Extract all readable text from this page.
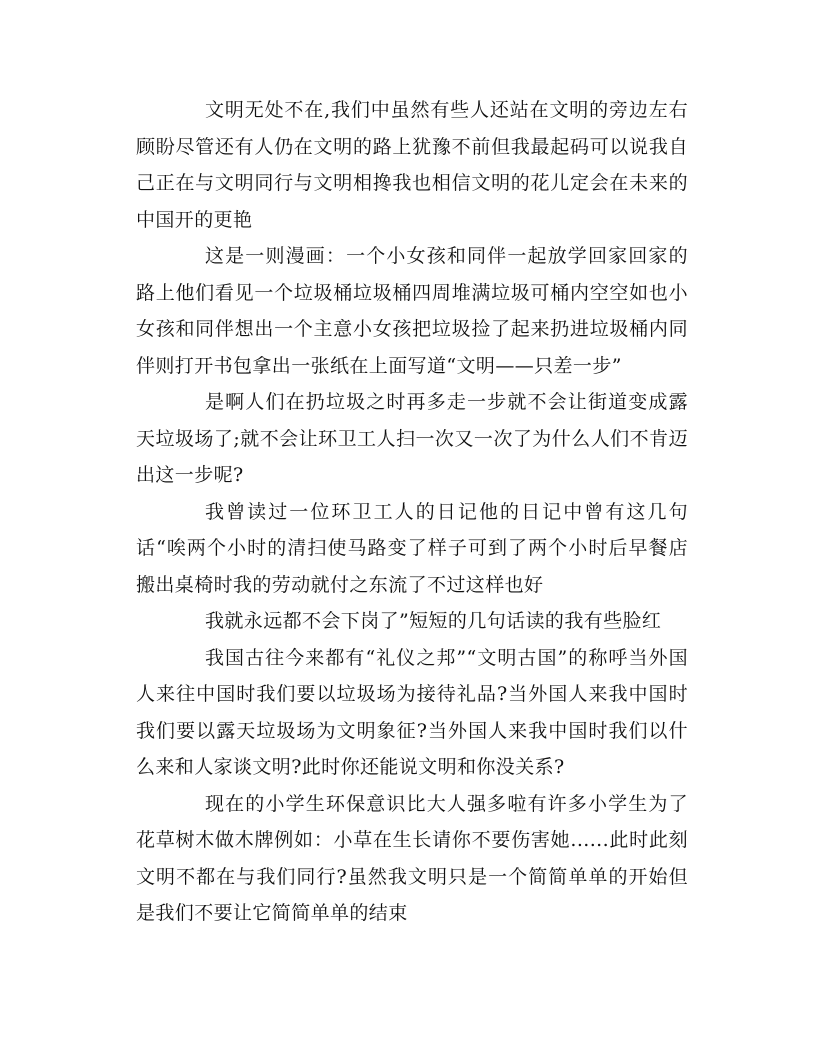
文明无处不在,我们中虽然有些人还站在文明的旁边左右顾盼尽管还有人仍在文明的路上犹豫不前但我最起码可以说我自己正在与文明同行与文明相搀我也相信文明的花儿定会在未来的中国开的更艳

这是一则漫画：一个小女孩和同伴一起放学回家回家的路上他们看见一个垃圾桶垃圾桶四周堆满垃圾可桶内空空如也小女孩和同伴想出一个主意小女孩把垃圾捡了起来扔进垃圾桶内同伴则打开书包拿出一张纸在上面写道“文明——只差一步”

是啊人们在扔垃圾之时再多走一步就不会让街道变成露天垃圾场了;就不会让环卫工人扫一次又一次了为什么人们不肯迈出这一步呢?

我曾读过一位环卫工人的日记他的日记中曾有这几句话“唉两个小时的清扫使马路变了样子可到了两个小时后早餐店搬出桌椅时我的劳动就付之东流了不过这样也好

我就永远都不会下岗了”短短的几句话读的我有些脸红

我国古往今来都有“礼仪之邦”“文明古国”的称呼当外国人来往中国时我们要以垃圾场为接待礼品?当外国人来我中国时我们要以露天垃圾场为文明象征?当外国人来我中国时我们以什么来和人家谈文明?此时你还能说文明和你没关系?

现在的小学生环保意识比大人强多啦有许多小学生为了花草树木做木牌例如：小草在生长请你不要伤害她......此时此刻文明不都在与我们同行?虽然我文明只是一个简简单单的开始但是我们不要让它简简单单的结束
